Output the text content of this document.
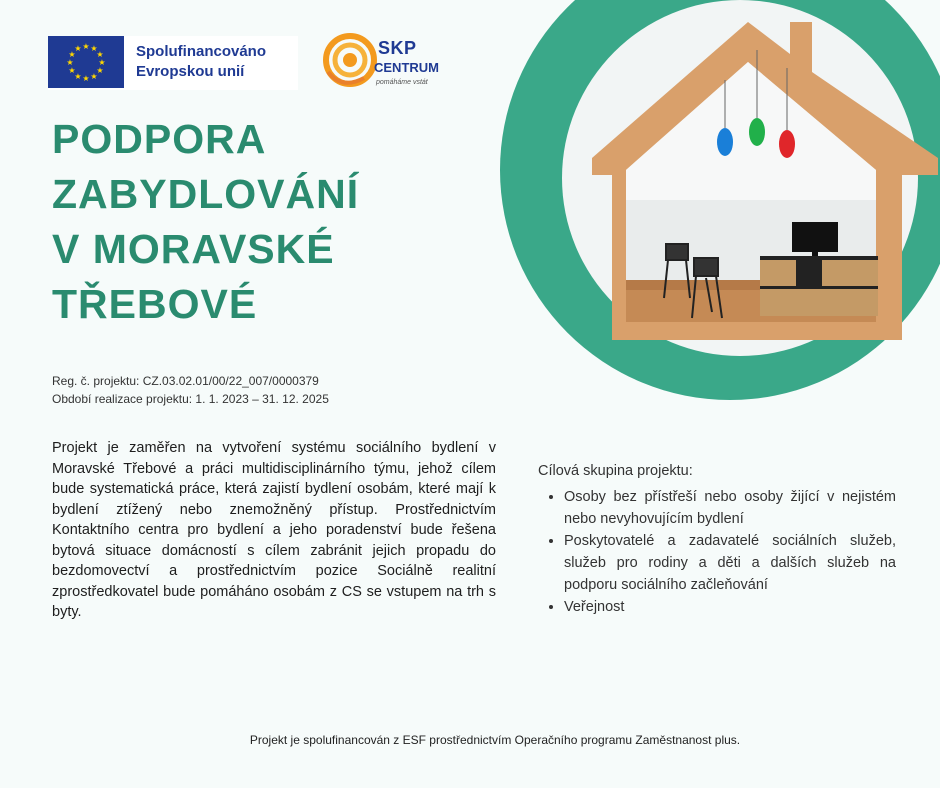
★ ★
★
★
★
★
★
★
★
★
★
★	Spolufinancováno
Evropskou unií
SKP
CENTRUM
pomáháme vstát
PODPORA
ZABYDLOVÁNÍ
V MORAVSKÉ
TŘEBOVÉ
Reg. č. projektu: CZ.03.02.01/00/22_007/0000379
Období realizace projektu: 1. 1. 2023 – 31. 12. 2025
Projekt je zaměřen na vytvoření systému sociálního bydlení v Moravské Třebové a práci multidisciplinárního týmu, jehož cílem bude systematická práce, která zajistí bydlení osobám, které mají k bydlení ztížený nebo znemožněný přístup. Prostřednictvím Kontaktního centra pro bydlení a jeho poradenství bude řešena bytová situace domácností s cílem zabránit jejich propadu do bezdomovectví a prostřednictvím pozice Sociálně realitní zprostředkovatel bude pomáháno osobám z CS se vstupem na trh s byty.
Cílová skupina projektu:
• Osoby bez přístřeší nebo osoby žijící v nejistém nebo nevyhovujícím bydlení
• Poskytovatelé a zadavatelé sociálních služeb, služeb pro rodiny a děti a dalších služeb na podporu sociálního začleňování
• Veřejnost
Projekt je spolufinancován z ESF prostřednictvím Operačního programu Zaměstnanost plus.
